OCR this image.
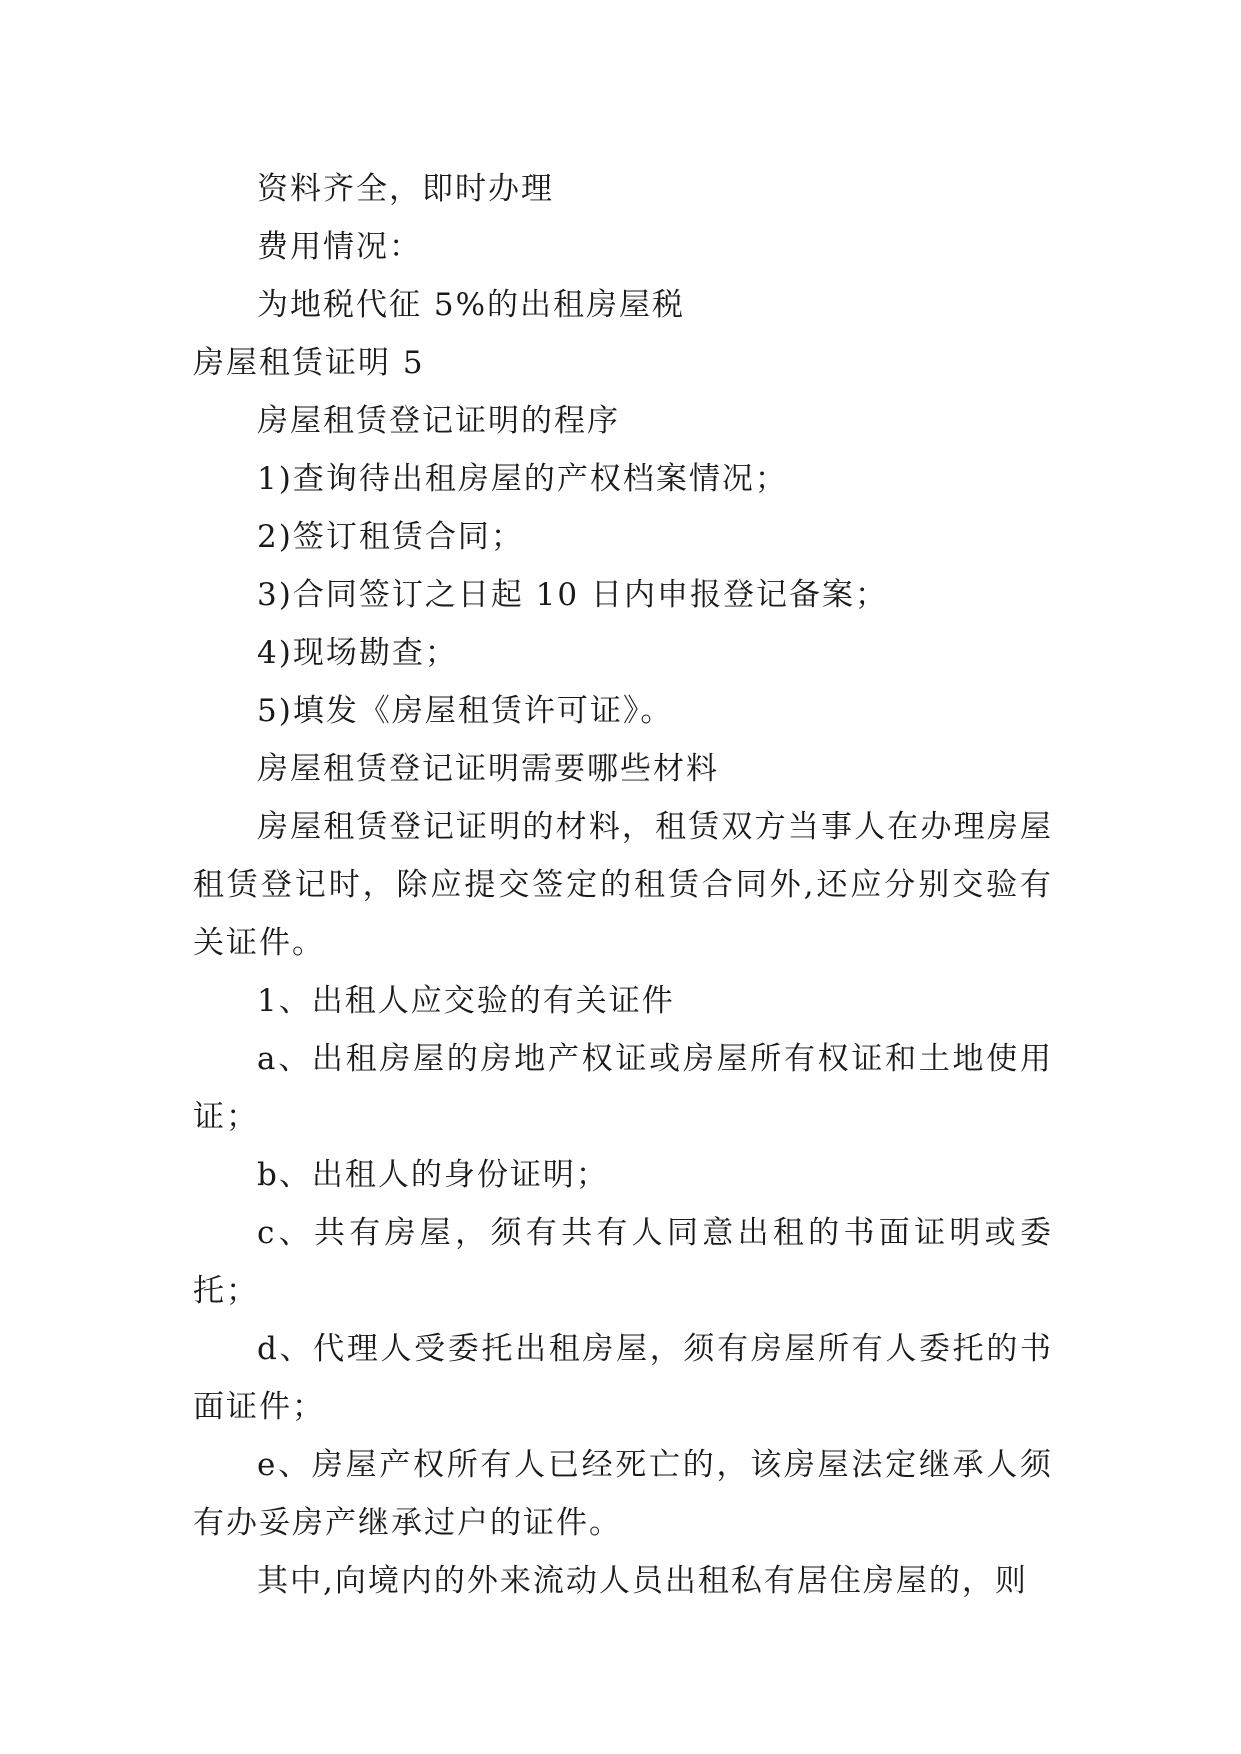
资料齐全，即时办理

费用情况：

为地税代征 5%的出租房屋税

房屋租赁证明 5

房屋租赁登记证明的程序

1)查询待出租房屋的产权档案情况；

2)签订租赁合同；

3)合同签订之日起 10 日内申报登记备案；

4)现场勘查；

5)填发《房屋租赁许可证》。

房屋租赁登记证明需要哪些材料

房屋租赁登记证明的材料，租赁双方当事人在办理房屋租赁登记时，除应提交签定的租赁合同外,还应分别交验有关证件。

1、出租人应交验的有关证件

a、出租房屋的房地产权证或房屋所有权证和土地使用证；

b、出租人的身份证明；

c、共有房屋，须有共有人同意出租的书面证明或委托；

d、代理人受委托出租房屋，须有房屋所有人委托的书面证件；

e、房屋产权所有人已经死亡的，该房屋法定继承人须有办妥房产继承过户的证件。

其中,向境内的外来流动人员出租私有居住房屋的，则
